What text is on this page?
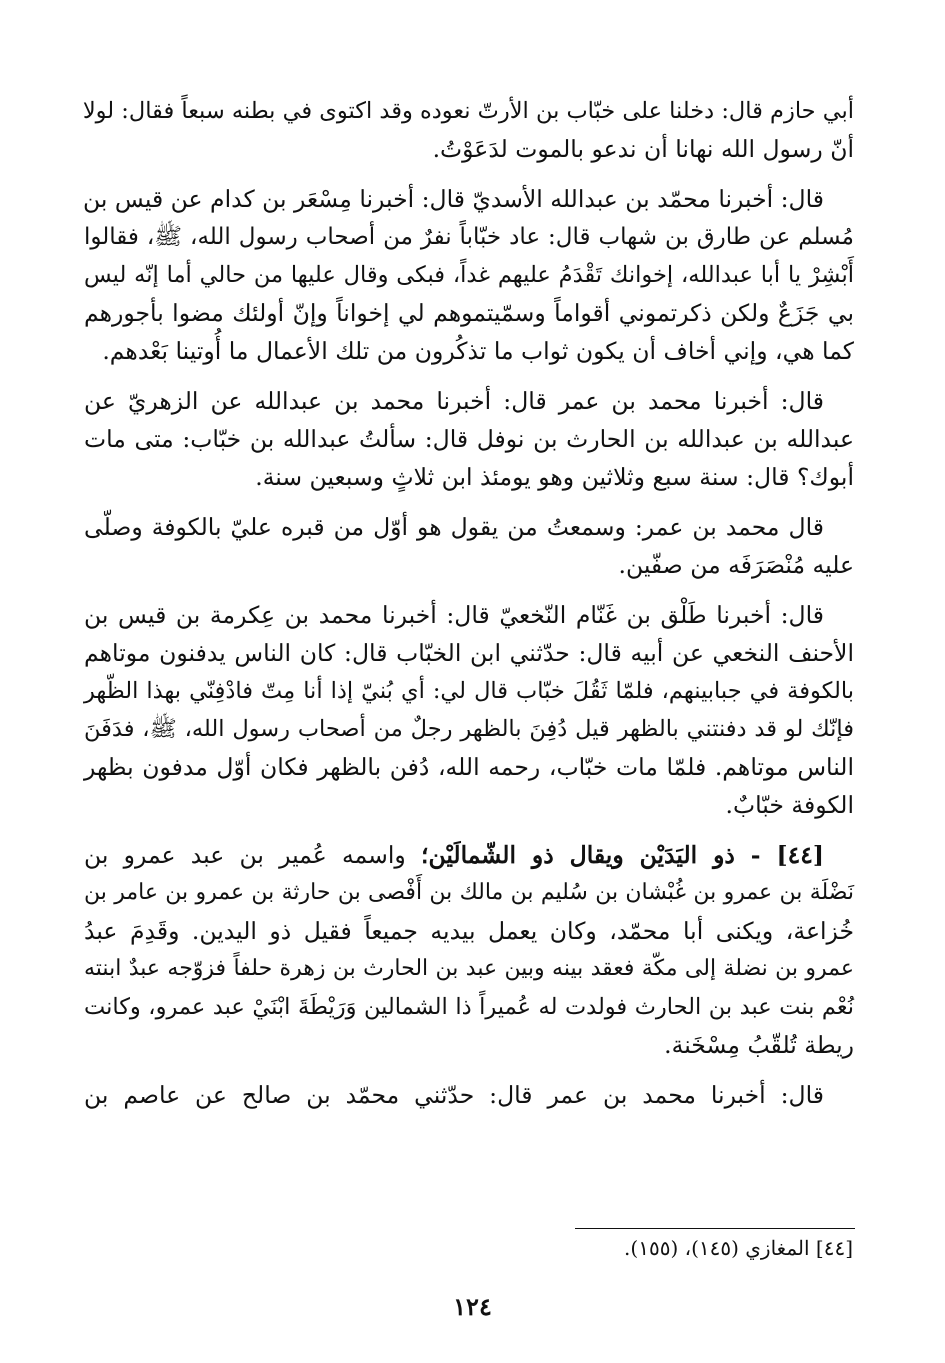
أبي حازم قال: دخلنا على خبّاب بن الأرتّ نعوده وقد اكتوى في بطنه سبعاً فقال: لولا
أنّ رسول الله نهانا أن ندعو بالموت لدَعَوْتُ.
قال: أخبرنا محمّد بن عبدالله الأسديّ قال: أخبرنا مِسْعَر بن كدام عن قيس بن
مُسلم عن طارق بن شهاب قال: عاد خبّاباً نفرٌ من أصحاب رسول الله، ﷺ، فقالوا
أَبْشِرْ يا أبا عبدالله، إخوانك تَقْدَمُ عليهم غداً، فبكى وقال عليها من حالي أما إنّه ليس
بي جَزَعٌ ولكن ذكرتموني أقواماً وسمّيتموهم لي إخواناً وإنّ أولئك مضوا بأجورهم
كما هي، وإني أخاف أن يكون ثواب ما تذكُرون من تلك الأعمال ما أُوتينا بَعْدهم.
قال: أخبرنا محمد بن عمر قال: أخبرنا محمد بن عبدالله عن الزهريّ عن
عبدالله بن عبدالله بن الحارث بن نوفل قال: سألتُ عبدالله بن خبّاب: متى مات
أبوك؟ قال: سنة سبع وثلاثين وهو يومئذ ابن ثلاثٍ وسبعين سنة.
قال محمد بن عمر: وسمعتُ من يقول هو أوّل من قبره عليّ بالكوفة وصلّى
عليه مُنْصَرَفَه من صفّين.
قال: أخبرنا طَلْق بن غَنّام النّخعيّ قال: أخبرنا محمد بن عِكرمة بن قيس بن
الأحنف النخعي عن أبيه قال: حدّثني ابن الخبّاب قال: كان الناس يدفنون موتاهم
بالكوفة في جبابينهم، فلمّا ثَقُلَ خبّاب قال لي: أي بُنيّ إذا أنا مِتّ فادْفِنّي بهذا الظّهر
فإنّك لو قد دفنتني بالظهر قيل دُفِنَ بالظهر رجلٌ من أصحاب رسول الله، ﷺ، فدَفَنَ
الناس موتاهم. فلمّا مات خبّاب، رحمه الله، دُفن بالظهر فكان أوّل مدفون بظهر
الكوفة خبّابٌ.
[٤٤] - ذو اليَدَيْن ويقال ذو الشّمالَيْن؛ واسمه عُمير بن عبد عمرو بن
نَضْلَة بن عمرو بن غُبْشان بن سُليم بن مالك بن أَفْصى بن حارثة بن عمرو بن عامر بن
خُزاعة، ويكنى أبا محمّد، وكان يعمل بيديه جميعاً فقيل ذو اليدين. وقَدِمَ عبدُ
عمرو بن نضلة إلى مكّة فعقد بينه وبين عبد بن الحارث بن زهرة حلفاً فزوّجه عبدٌ ابنته
نُعْم بنت عبد بن الحارث فولدت له عُميراً ذا الشمالين وَرَيْطَةَ ابْنَيْ عبد عمرو، وكانت
ريطة تُلقّبُ مِسْخَنة.
قال: أخبرنا محمد بن عمر قال: حدّثني محمّد بن صالح عن عاصم بن
[٤٤] المغازي (١٤٥)، (١٥٥).
١٢٤
